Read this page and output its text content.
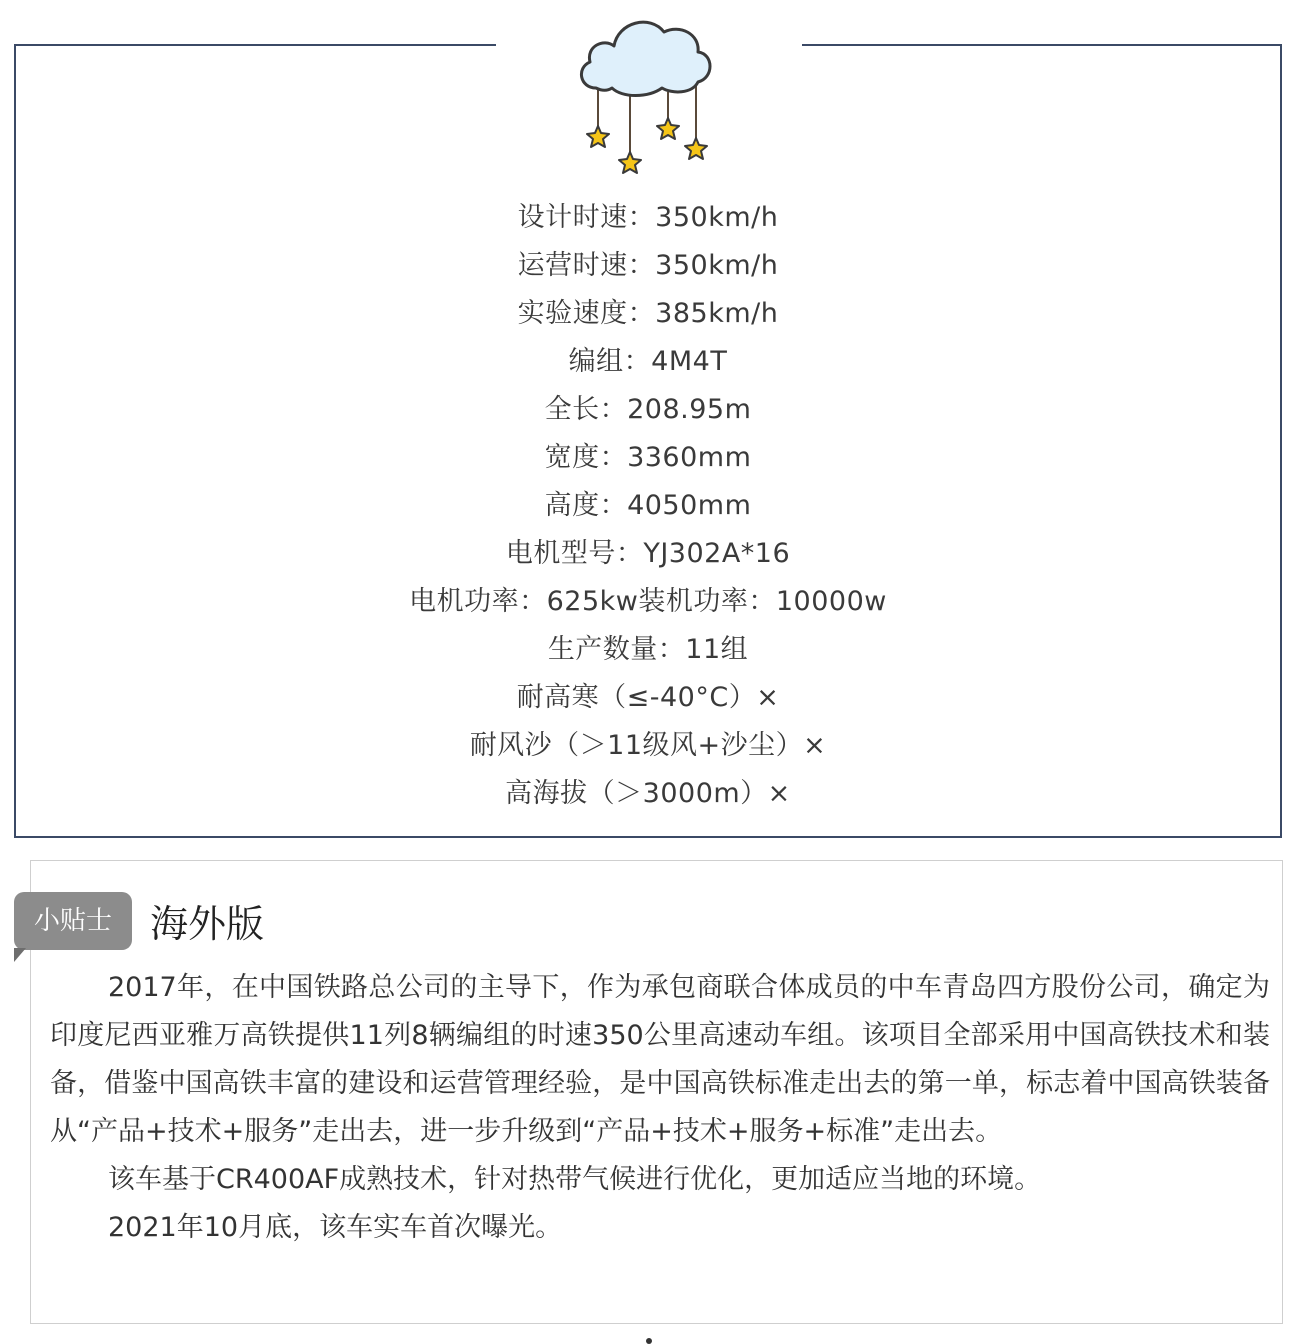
设计时速：350km/h
运营时速：350km/h
实验速度：385km/h
编组：4M4T
全长：208.95m
宽度：3360mm
高度：4050mm
电机型号：YJ302A*16
电机功率：625kw装机功率：10000w
生产数量：11组
耐高寒（≤-40°C）×
耐风沙（＞11级风+沙尘）×
高海拔（＞3000m）×
小贴士	海外版

2017年，在中国铁路总公司的主导下，作为承包商联合体成员的中车青岛四方股份公司，确定为印度尼西亚雅万高铁提供11列8辆编组的时速350公里高速动车组。该项目全部采用中国高铁技术和装备，借鉴中国高铁丰富的建设和运营管理经验，是中国高铁标准走出去的第一单，标志着中国高铁装备从“产品+技术+服务”走出去，进一步升级到“产品+技术+服务+标准”走出去。

该车基于CR400AF成熟技术，针对热带气候进行优化，更加适应当地的环境。

2021年10月底，该车实车首次曝光。
